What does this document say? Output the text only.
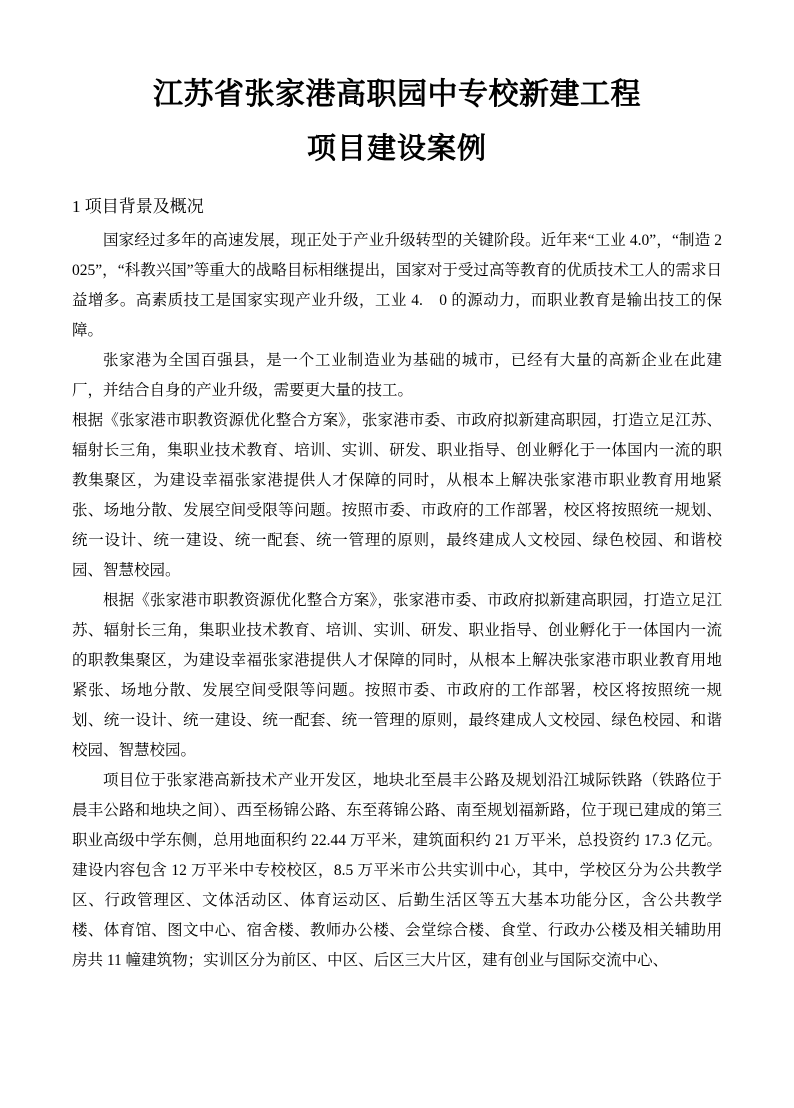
江苏省张家港高职园中专校新建工程
项目建设案例
1 项目背景及概况

国家经过多年的高速发展，现正处于产业升级转型的关键阶段。近年来“工业 4.0”，“制造 2025”，“科教兴国”等重大的战略目标相继提出，国家对于受过高等教育的优质技术工人的需求日益增多。高素质技工是国家实现产业升级，工业 4.　0 的源动力，而职业教育是输出技工的保障。

张家港为全国百强县，是一个工业制造业为基础的城市，已经有大量的高新企业在此建厂，并结合自身的产业升级，需要更大量的技工。

根据《张家港市职教资源优化整合方案》，张家港市委、市政府拟新建高职园，打造立足江苏、辐射长三角，集职业技术教育、培训、实训、研发、职业指导、创业孵化于一体国内一流的职教集聚区，为建设幸福张家港提供人才保障的同时，从根本上解决张家港市职业教育用地紧张、场地分散、发展空间受限等问题。按照市委、市政府的工作部署，校区将按照统一规划、统一设计、统一建设、统一配套、统一管理的原则，最终建成人文校园、绿色校园、和谐校园、智慧校园。

根据《张家港市职教资源优化整合方案》，张家港市委、市政府拟新建高职园，打造立足江苏、辐射长三角，集职业技术教育、培训、实训、研发、职业指导、创业孵化于一体国内一流的职教集聚区，为建设幸福张家港提供人才保障的同时，从根本上解决张家港市职业教育用地紧张、场地分散、发展空间受限等问题。按照市委、市政府的工作部署，校区将按照统一规划、统一设计、统一建设、统一配套、统一管理的原则，最终建成人文校园、绿色校园、和谐校园、智慧校园。

项目位于张家港高新技术产业开发区，地块北至晨丰公路及规划沿江城际铁路（铁路位于晨丰公路和地块之间）、西至杨锦公路、东至蒋锦公路、南至规划福新路，位于现已建成的第三职业高级中学东侧，总用地面积约 22.44 万平米，建筑面积约 21 万平米，总投资约 17.3 亿元。建设内容包含 12 万平米中专校校区，8.5 万平米市公共实训中心，其中，学校区分为公共教学区、行政管理区、文体活动区、体育运动区、后勤生活区等五大基本功能分区，含公共教学楼、体育馆、图文中心、宿舍楼、教师办公楼、会堂综合楼、食堂、行政办公楼及相关辅助用房共 11 幢建筑物；实训区分为前区、中区、后区三大片区，建有创业与国际交流中心、
